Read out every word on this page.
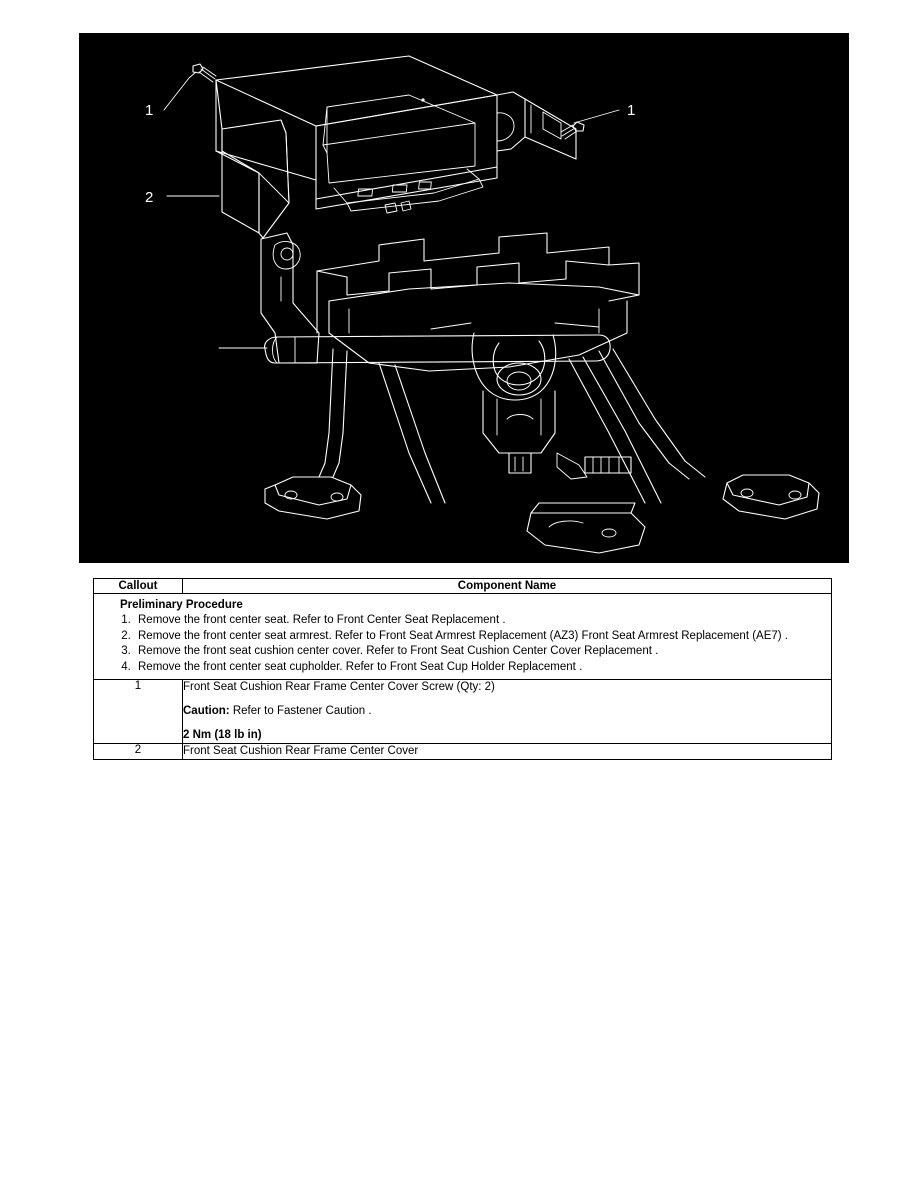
1	1
2
Callout	Component Name

Preliminary Procedure
1. Remove the front center seat. Refer to Front Center Seat Replacement .
2. Remove the front center seat armrest. Refer to Front Seat Armrest Replacement (AZ3) Front Seat Armrest Replacement (AE7) .
3. Remove the front seat cushion center cover. Refer to Front Seat Cushion Center Cover Replacement .
4. Remove the front center seat cupholder. Refer to Front Seat Cup Holder Replacement .

1	Front Seat Cushion Rear Frame Center Cover Screw (Qty: 2)
Caution: Refer to Fastener Caution .
2 Nm (18 lb in)

2	Front Seat Cushion Rear Frame Center Cover
